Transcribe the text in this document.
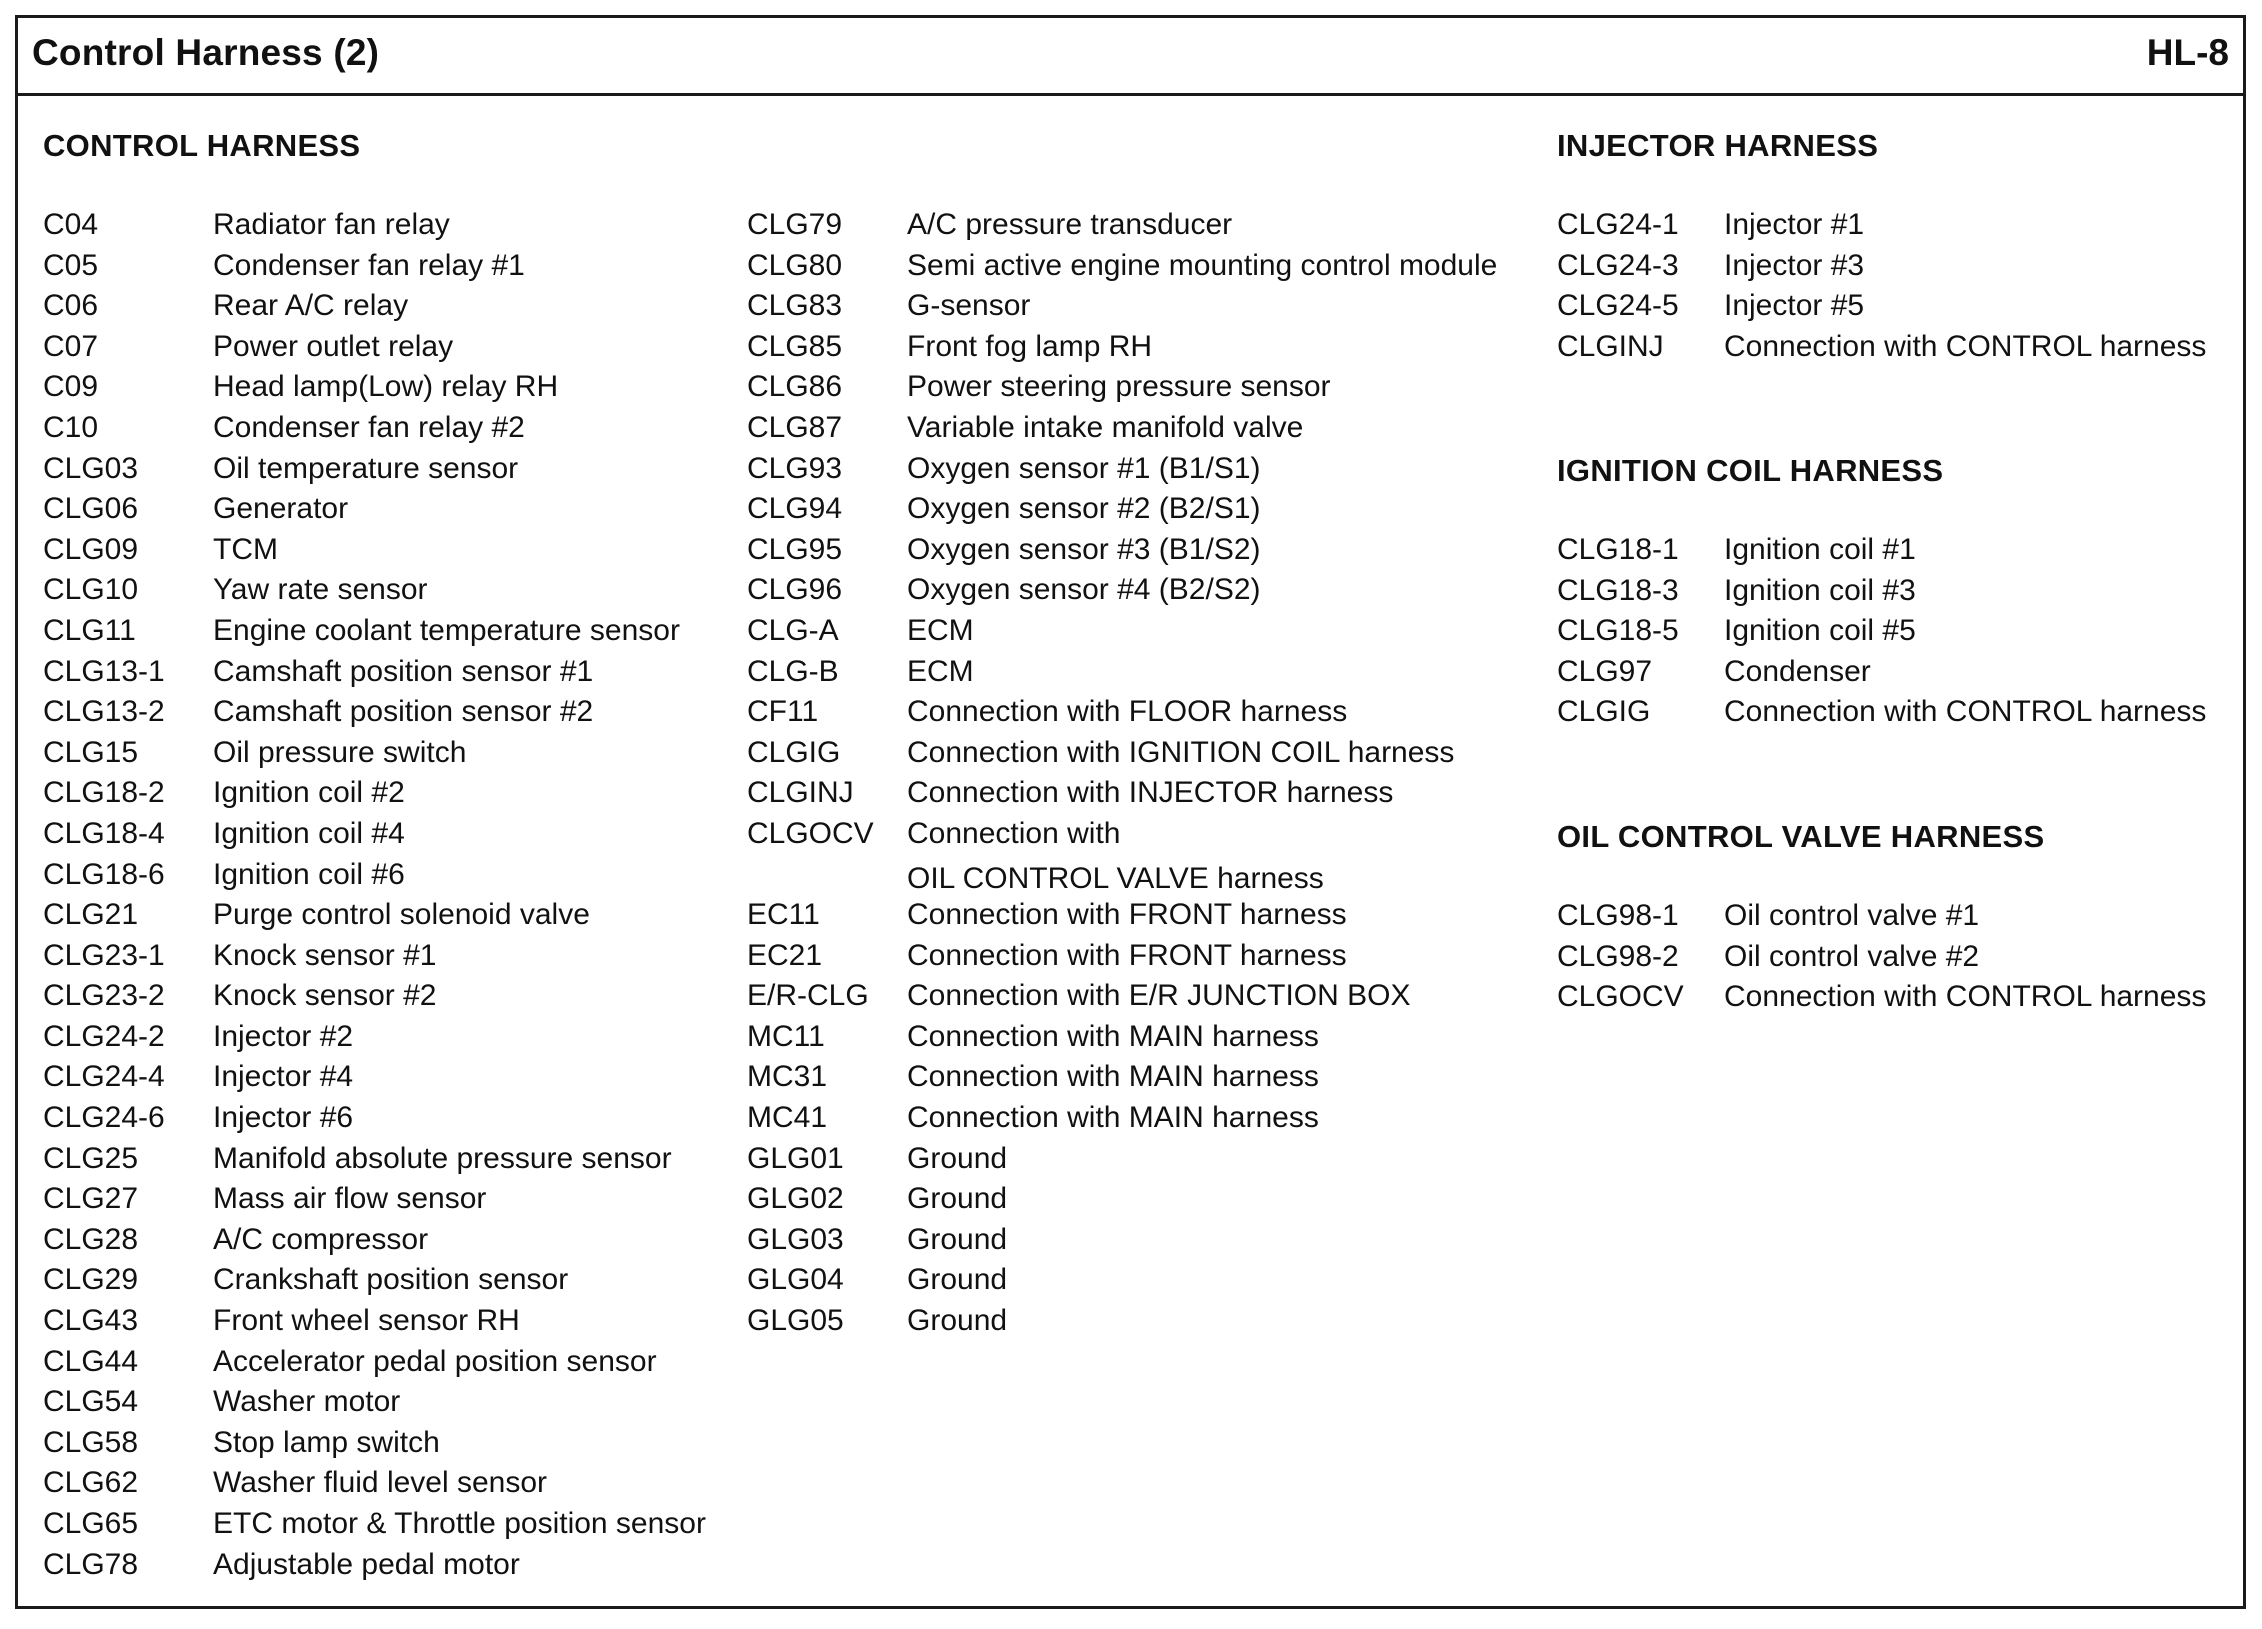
Control Harness (2)	HL-8
CONTROL HARNESS
C04	Radiator fan relay
C05	Condenser fan relay #1
C06	Rear A/C relay
C07	Power outlet relay
C09	Head lamp(Low) relay RH
C10	Condenser fan relay #2
CLG03 Oil temperature sensor
CLG06 Generator
CLG09 TCM
CLG10 Yaw rate sensor
CLG11	Engine coolant temperature sensor
CLG13-1 Camshaft position sensor #1
CLG13-2 Camshaft position sensor #2
CLG15 Oil pressure switch
CLG18-2 Ignition coil #2
CLG18-4 Ignition coil #4
CLG18-6 Ignition coil #6
CLG21 Purge control solenoid valve
CLG23-1 Knock sensor #1
CLG23-2 Knock sensor #2
CLG24-2 Injector #2
CLG24-4 Injector #4
CLG24-6 Injector #6
CLG25 Manifold absolute pressure sensor
CLG27 Mass air flow sensor
CLG28 A/C compressor
CLG29 Crankshaft position sensor
CLG43 Front wheel sensor RH
CLG44 Accelerator pedal position sensor
CLG54 Washer motor
CLG58 Stop lamp switch
CLG62 Washer fluid level sensor
CLG65 ETC motor & Throttle position sensor
CLG78 Adjustable pedal motor
CLG79 A/C pressure transducer
CLG80 Semi active engine mounting control module
CLG83 G-sensor
CLG85 Front fog lamp RH
CLG86 Power steering pressure sensor
CLG87 Variable intake manifold valve
CLG93 Oxygen sensor #1 (B1/S1)
CLG94 Oxygen sensor #2 (B2/S1)
CLG95 Oxygen sensor #3 (B1/S2)
CLG96 Oxygen sensor #4 (B2/S2)
CLG-A ECM
CLG-B ECM
CF11	Connection with FLOOR harness
CLGIG Connection with IGNITION COIL harness
CLGINJ Connection with INJECTOR harness
CLGOCV Connection with
OIL CONTROL VALVE harness
EC11	Connection with FRONT harness
EC21	Connection with FRONT harness
E/R-CLG Connection with E/R JUNCTION BOX
MC11	Connection with MAIN harness
MC31	Connection with MAIN harness
MC41	Connection with MAIN harness
GLG01 Ground
GLG02 Ground
GLG03 Ground
GLG04 Ground
GLG05 Ground
INJECTOR HARNESS
CLG24-1 Injector #1
CLG24-3 Injector #3
CLG24-5 Injector #5
CLGINJ Connection with CONTROL harness
IGNITION COIL HARNESS
CLG18-1 Ignition coil #1
CLG18-3 Ignition coil #3
CLG18-5 Ignition coil #5
CLG97 Condenser
CLGIG Connection with CONTROL harness
OIL CONTROL VALVE HARNESS
CLG98-1 Oil control valve #1
CLG98-2 Oil control valve #2
CLGOCV Connection with CONTROL harness
